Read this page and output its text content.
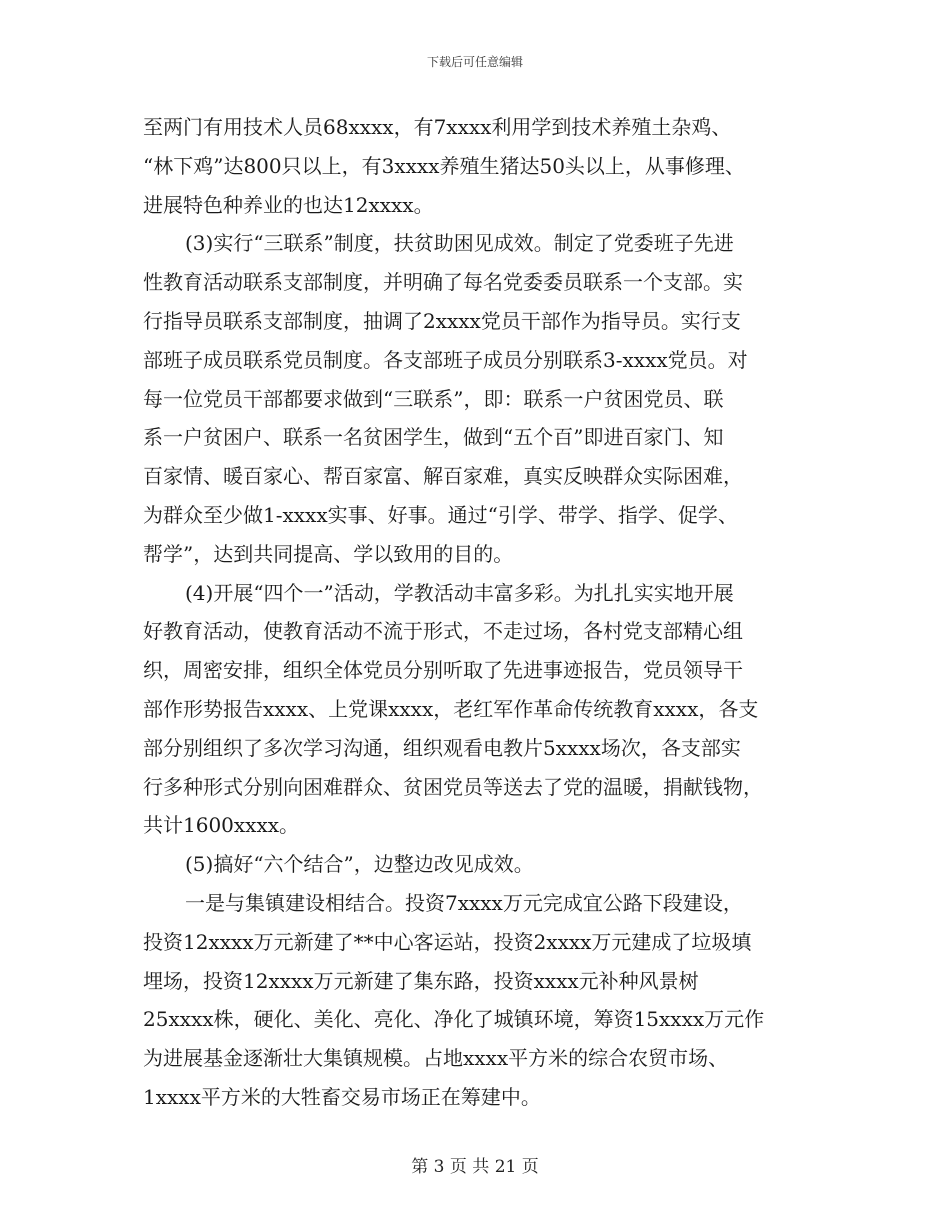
下载后可任意编辑
至两门有用技术人员68xxxx，有7xxxx利用学到技术养殖土杂鸡、
“林下鸡”达800只以上，有3xxxx养殖生猪达50头以上，从事修理、
进展特色种养业的也达12xxxx。
(3)实行“三联系”制度，扶贫助困见成效。制定了党委班子先进
性教育活动联系支部制度，并明确了每名党委委员联系一个支部。实
行指导员联系支部制度，抽调了2xxxx党员干部作为指导员。实行支
部班子成员联系党员制度。各支部班子成员分别联系3-xxxx党员。对
每一位党员干部都要求做到“三联系”，即：联系一户贫困党员、联
系一户贫困户、联系一名贫困学生，做到“五个百”即进百家门、知
百家情、暖百家心、帮百家富、解百家难，真实反映群众实际困难，
为群众至少做1-xxxx实事、好事。通过“引学、带学、指学、促学、
帮学”，达到共同提高、学以致用的目的。
(4)开展“四个一”活动，学教活动丰富多彩。为扎扎实实地开展
好教育活动，使教育活动不流于形式，不走过场，各村党支部精心组
织，周密安排，组织全体党员分别听取了先进事迹报告，党员领导干
部作形势报告xxxx、上党课xxxx，老红军作革命传统教育xxxx，各支
部分别组织了多次学习沟通，组织观看电教片5xxxx场次，各支部实
行多种形式分别向困难群众、贫困党员等送去了党的温暖，捐献钱物，
共计1600xxxx。
(5)搞好“六个结合”，边整边改见成效。
一是与集镇建设相结合。投资7xxxx万元完成宜公路下段建设，
投资12xxxx万元新建了**中心客运站，投资2xxxx万元建成了垃圾填
埋场，投资12xxxx万元新建了集东路，投资xxxx元补种风景树
25xxxx株，硬化、美化、亮化、净化了城镇环境，筹资15xxxx万元作
为进展基金逐渐壮大集镇规模。占地xxxx平方米的综合农贸市场、
1xxxx平方米的大牲畜交易市场正在筹建中。
第 3 页 共 21 页
